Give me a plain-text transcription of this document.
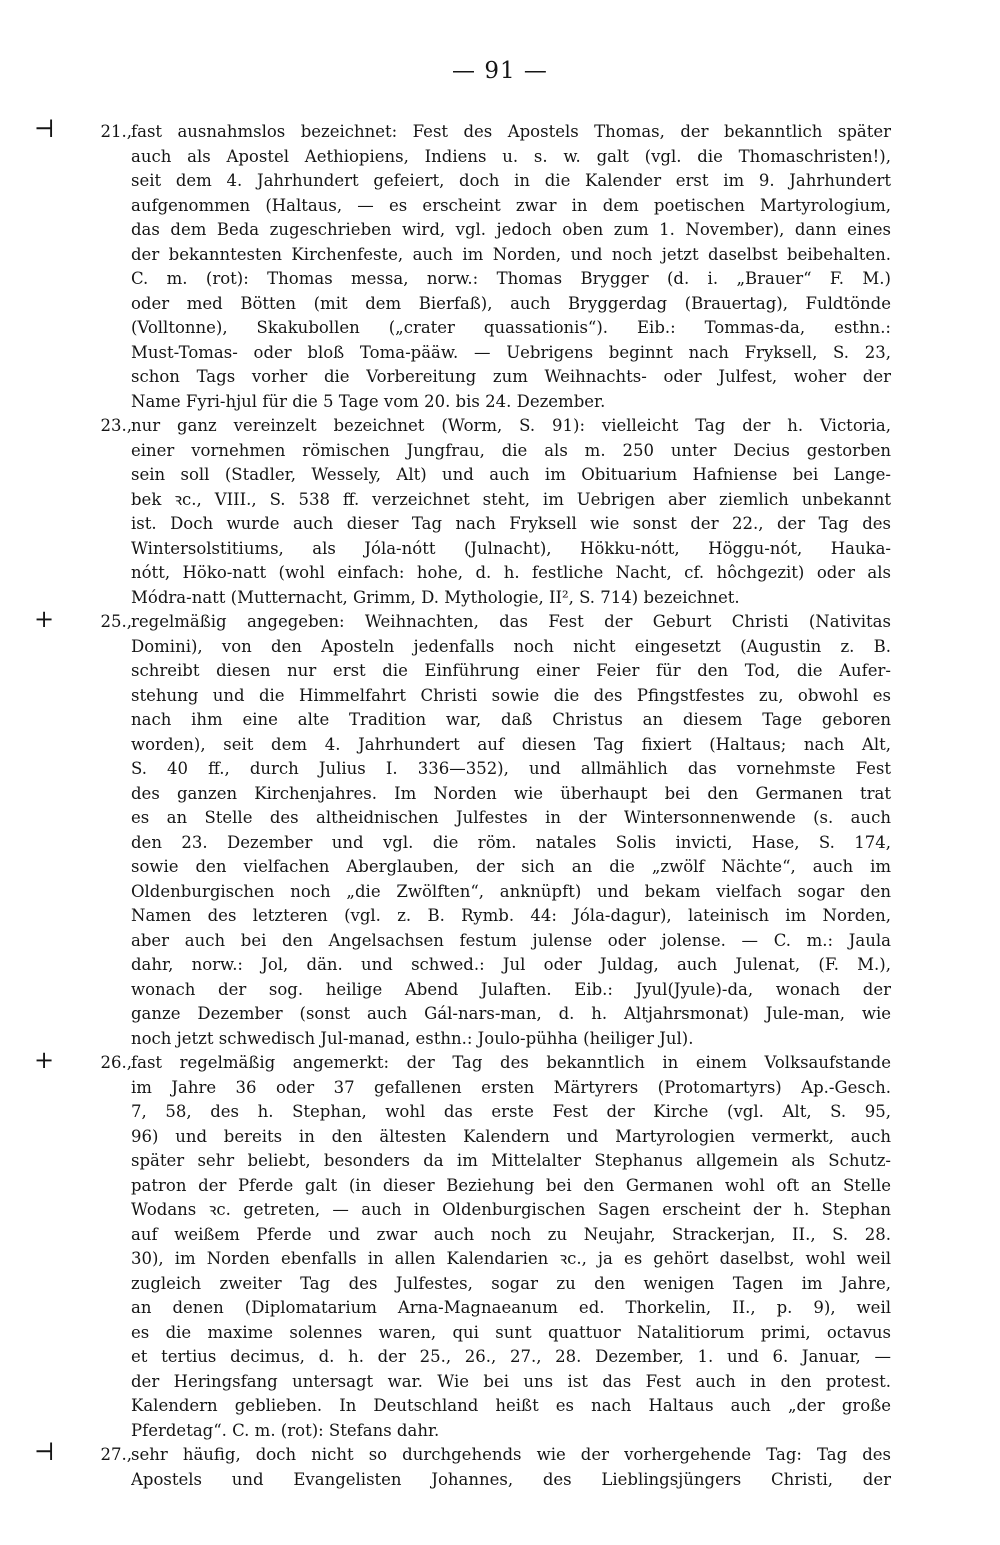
— 91 —
⊣	21., fast ausnahmslos bezeichnet: Fest des Apostels Thomas, der bekanntlich später
auch als Apostel Aethiopiens, Indiens u. s. w. galt (vgl. die Thomaschristen!),
seit dem 4. Jahrhundert gefeiert, doch in die Kalender erst im 9. Jahrhundert
aufgenommen (Haltaus, — es erscheint zwar in dem poetischen Martyrologium,
das dem Beda zugeschrieben wird, vgl. jedoch oben zum 1. November), dann eines
der bekanntesten Kirchenfeste, auch im Norden, und noch jetzt daselbst beibehalten.
C. m. (rot): Thomas messa, norw.: Thomas Brygger (d. i. „Brauer“ F. M.)
oder med Bötten (mit dem Bierfaß), auch Bryggerdag (Brauertag), Fuldtönde
(Volltonne), Skakubollen („crater quassationis“). Eib.: Tommas-da, esthn.:
Must-Tomas- oder bloß Toma-pääw. — Uebrigens beginnt nach Fryksell, S. 23,
schon Tags vorher die Vorbereitung zum Weihnachts- oder Julfest, woher der
Name Fyri-hjul für die 5 Tage vom 20. bis 24. Dezember.
23., nur ganz vereinzelt bezeichnet (Worm, S. 91): vielleicht Tag der h. Victoria,
einer vornehmen römischen Jungfrau, die als m. 250 unter Decius gestorben
sein soll (Stadler, Wessely, Alt) und auch im Obituarium Hafniense bei Lange-
bek ꝛc., VIII., S. 538 ff. verzeichnet steht, im Uebrigen aber ziemlich unbekannt
ist. Doch wurde auch dieser Tag nach Fryksell wie sonst der 22., der Tag des
Wintersolstitiums, als Jóla-nótt (Julnacht), Hökku-nótt, Höggu-nót, Hauka-
nótt, Höko-natt (wohl einfach: hohe, d. h. festliche Nacht, cf. hôchgezit) oder als
Módra-natt (Mutternacht, Grimm, D. Mythologie, II², S. 714) bezeichnet.
+	25., regelmäßig angegeben: Weihnachten, das Fest der Geburt Christi (Nativitas
Domini), von den Aposteln jedenfalls noch nicht eingesetzt (Augustin z. B.
schreibt diesen nur erst die Einführung einer Feier für den Tod, die Aufer-
stehung und die Himmelfahrt Christi sowie die des Pfingstfestes zu, obwohl es
nach ihm eine alte Tradition war, daß Christus an diesem Tage geboren
worden), seit dem 4. Jahrhundert auf diesen Tag fixiert (Haltaus; nach Alt,
S. 40 ff., durch Julius I. 336—352), und allmählich das vornehmste Fest
des ganzen Kirchenjahres. Im Norden wie überhaupt bei den Germanen trat
es an Stelle des altheidnischen Julfestes in der Wintersonnenwende (s. auch
den 23. Dezember und vgl. die röm. natales Solis invicti, Hase, S. 174,
sowie den vielfachen Aberglauben, der sich an die „zwölf Nächte“, auch im
Oldenburgischen noch „die Zwölften“, anknüpft) und bekam vielfach sogar den
Namen des letzteren (vgl. z. B. Rymb. 44: Jóla-dagur), lateinisch im Norden,
aber auch bei den Angelsachsen festum julense oder jolense. — C. m.: Jaula
dahr, norw.: Jol, dän. und schwed.: Jul oder Juldag, auch Julenat, (F. M.),
wonach der sog. heilige Abend Julaften. Eib.: Jyul(Jyule)-da, wonach der
ganze Dezember (sonst auch Gál-nars-man, d. h. Altjahrsmonat) Jule-man, wie
noch jetzt schwedisch Jul-manad, esthn.: Joulo-pühha (heiliger Jul).
+	26., fast regelmäßig angemerkt: der Tag des bekanntlich in einem Volksaufstande
im Jahre 36 oder 37 gefallenen ersten Märtyrers (Protomartyrs) Ap.-Gesch.
7, 58, des h. Stephan, wohl das erste Fest der Kirche (vgl. Alt, S. 95,
96) und bereits in den ältesten Kalendern und Martyrologien vermerkt, auch
später sehr beliebt, besonders da im Mittelalter Stephanus allgemein als Schutz-
patron der Pferde galt (in dieser Beziehung bei den Germanen wohl oft an Stelle
Wodans ꝛc. getreten, — auch in Oldenburgischen Sagen erscheint der h. Stephan
auf weißem Pferde und zwar auch noch zu Neujahr, Strackerjan, II., S. 28.
30), im Norden ebenfalls in allen Kalendarien ꝛc., ja es gehört daselbst, wohl weil
zugleich zweiter Tag des Julfestes, sogar zu den wenigen Tagen im Jahre,
an denen (Diplomatarium Arna-Magnaeanum ed. Thorkelin, II., p. 9), weil
es die maxime solennes waren, qui sunt quattuor Natalitiorum primi, octavus
et tertius decimus, d. h. der 25., 26., 27., 28. Dezember, 1. und 6. Januar, —
der Heringsfang untersagt war. Wie bei uns ist das Fest auch in den protest.
Kalendern geblieben. In Deutschland heißt es nach Haltaus auch „der große
Pferdetag“. C. m. (rot): Stefans dahr.
⊣	27., sehr häufig, doch nicht so durchgehends wie der vorhergehende Tag: Tag des
Apostels und Evangelisten Johannes, des Lieblingsjüngers Christi, der
